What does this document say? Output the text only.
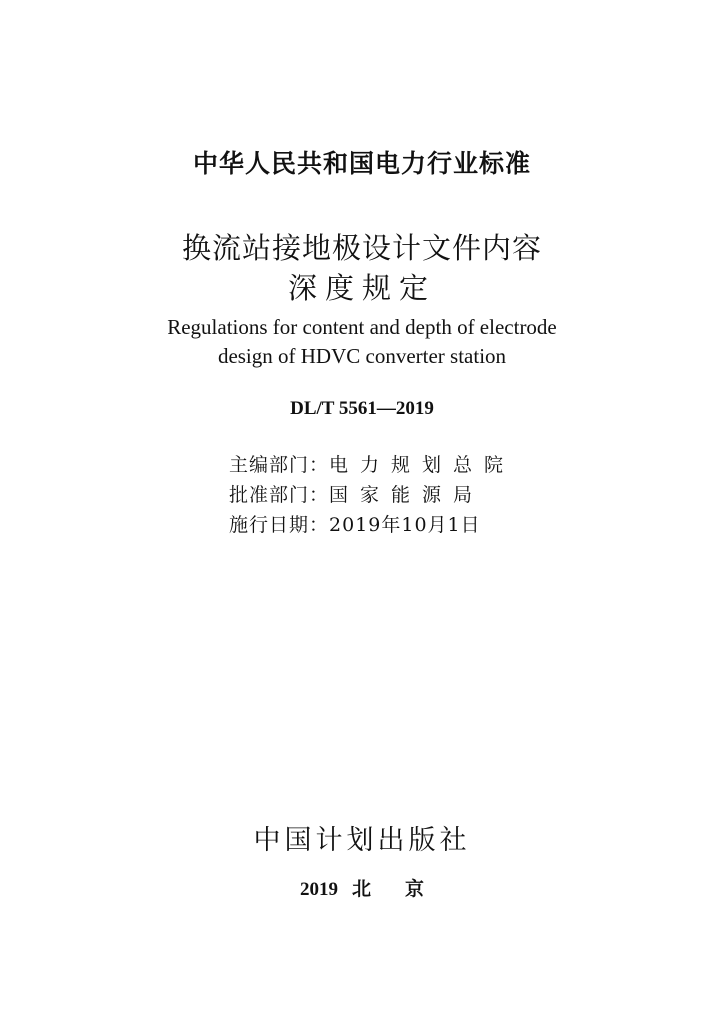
中华人民共和国电力行业标准
换流站接地极设计文件内容
深度规定
Regulations for content and depth of electrode
design of HDVC converter station
DL/T 5561—2019
主编部门：电力规划总院
批准部门：国家能源局
施行日期：2019年10月1日
中国计划出版社
2019 北 京
